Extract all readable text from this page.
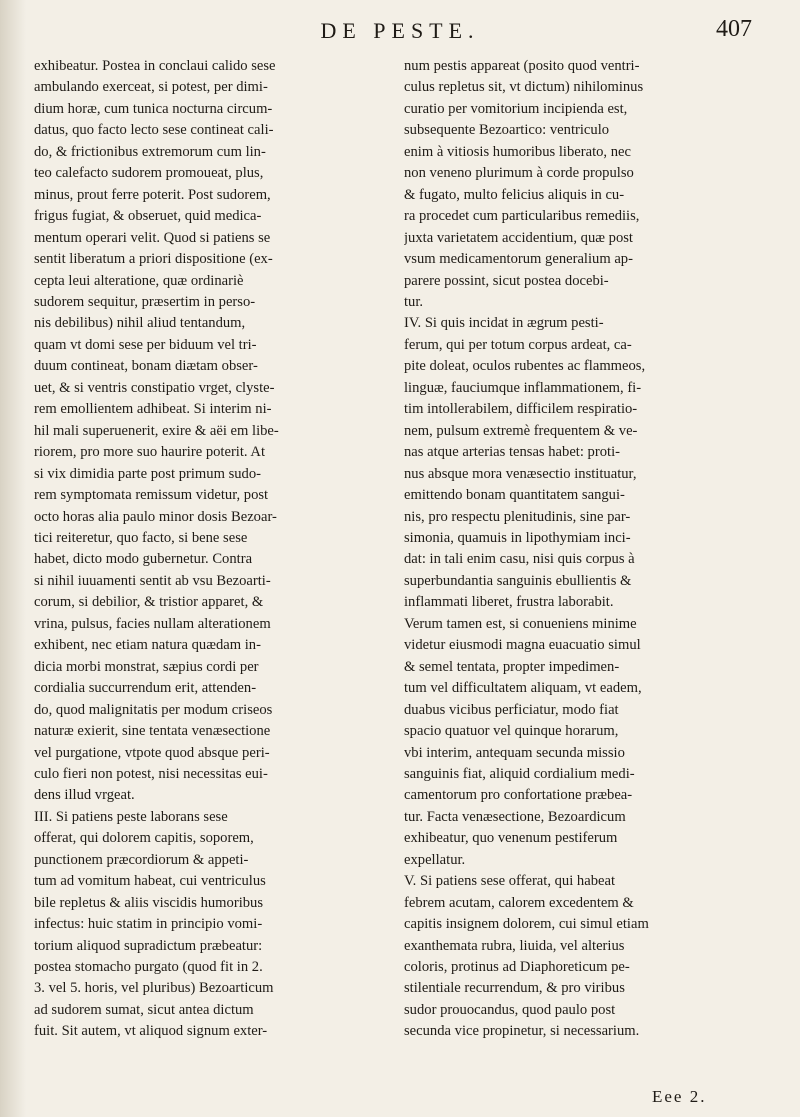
DE PESTE.	407
exhibeatur. Postea in conclaui calido sese
ambulando exerceat, si potest, per dimi-
dium horæ, cum tunica nocturna circum-
datus, quo facto lecto sese contineat cali-
do, & frictionibus extremorum cum lin-
teo calefacto sudorem promoueat, plus,
minus, prout ferre poterit. Post sudorem,
frigus fugiat, & obseruet, quid medica-
mentum operari velit. Quod si patiens se
sentit liberatum a priori dispositione (ex-
cepta leui alteratione, quæ ordinariè
sudorem sequitur, præsertim in perso-
nis debilibus) nihil aliud tentandum,
quam vt domi sese per biduum vel tri-
duum contineat, bonam diætam obser-
uet, & si ventris constipatio vrget, clyste-
rem emollientem adhibeat. Si interim ni-
hil mali superuenerit, exire & aëi em libe-
riorem, pro more suo haurire poterit. At
si vix dimidia parte post primum sudo-
rem symptomata remissum videtur, post
octo horas alia paulo minor dosis Bezoar-
tici reiteretur, quo facto, si bene sese
habet, dicto modo gubernetur. Contra
si nihil iuuamenti sentit ab vsu Bezoarti-
corum, si debilior, & tristior apparet, &
vrina, pulsus, facies nullam alterationem
exhibent, nec etiam natura quædam in-
dicia morbi monstrat, sæpius cordi per
cordialia succurrendum erit, attenden-
do, quod malignitatis per modum criseos
naturæ exierit, sine tentata venæsectione
vel purgatione, vtpote quod absque peri-
culo fieri non potest, nisi necessitas eui-
dens illud vrgeat.
III. Si patiens peste laborans sese
offerat, qui dolorem capitis, soporem,
punctionem præcordiorum & appeti-
tum ad vomitum habeat, cui ventriculus
bile repletus & aliis viscidis humoribus
infectus: huic statim in principio vomi-
torium aliquod supradictum præbeatur:
postea stomacho purgato (quod fit in 2.
3. vel 5. horis, vel pluribus) Bezoarticum
ad sudorem sumat, sicut antea dictum
fuit. Sit autem, vt aliquod signum exter-
num pestis appareat (posito quod ventri-
culus repletus sit, vt dictum) nihilominus
curatio per vomitorium incipienda est,
subsequente Bezoartico: ventriculo
enim à vitiosis humoribus liberato, nec
non veneno plurimum à corde propulso
& fugato, multo felicius aliquis in cu-
ra procedet cum particularibus remediis,
juxta varietatem accidentium, quæ post
vsum medicamentorum generalium ap-
parere possint, sicut postea docebi-
tur.
IV. Si quis incidat in ægrum pesti-
ferum, qui per totum corpus ardeat, ca-
pite doleat, oculos rubentes ac flammeos,
linguæ, fauciumque inflammationem, fi-
tim intollerabilem, difficilem respiratio-
nem, pulsum extremè frequentem & ve-
nas atque arterias tensas habet: proti-
nus absque mora venæsectio instituatur,
emittendo bonam quantitatem sangui-
nis, pro respectu plenitudinis, sine par-
simonia, quamuis in lipothymiam inci-
dat: in tali enim casu, nisi quis corpus à
superbundantia sanguinis ebullientis &
inflammati liberet, frustra laborabit.
Verum tamen est, si conueniens minime
videtur eiusmodi magna euacuatio simul
& semel tentata, propter impedimen-
tum vel difficultatem aliquam, vt eadem,
duabus vicibus perficiatur, modo fiat
spacio quatuor vel quinque horarum,
vbi interim, antequam secunda missio
sanguinis fiat, aliquid cordialium medi-
camentorum pro confortatione præbea-
tur. Facta venæsectione, Bezoardicum
exhibeatur, quo venenum pestiferum
expellatur.
V. Si patiens sese offerat, qui habeat
febrem acutam, calorem excedentem &
capitis insignem dolorem, cui simul etiam
exanthemata rubra, liuida, vel alterius
coloris, protinus ad Diaphoreticum pe-
stilentiale recurrendum, & pro viribus
sudor prouocandus, quod paulo post
secunda vice propinetur, si necessarium.
Eee 2.
